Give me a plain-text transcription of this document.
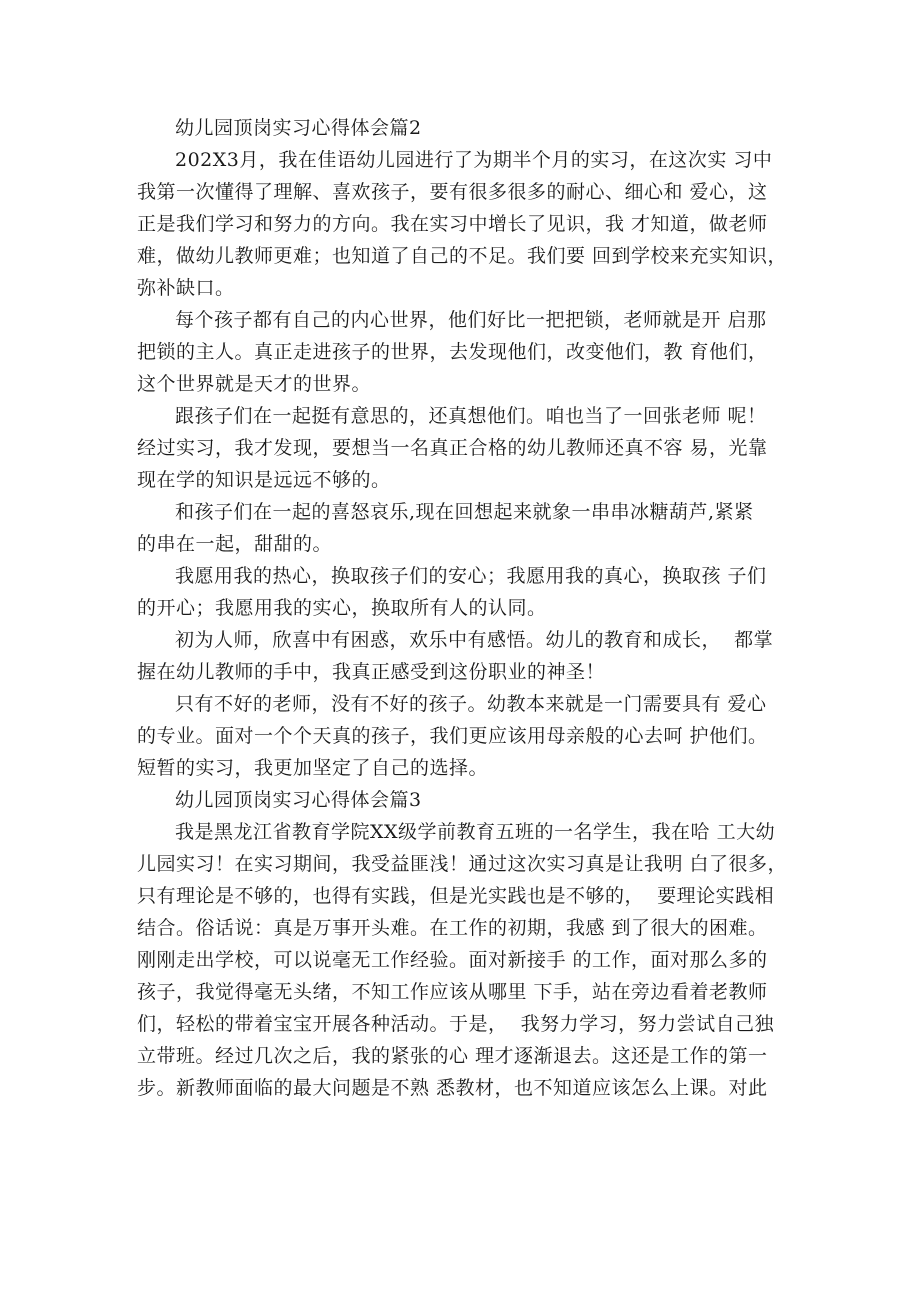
幼儿园顶岗实习心得体会篇2
202X3月，我在佳语幼儿园进行了为期半个月的实习，在这次实 习中
我第一次懂得了理解、喜欢孩子，要有很多很多的耐心、细心和 爱心，这
正是我们学习和努力的方向。我在实习中增长了见识，我 才知道，做老师
难，做幼儿教师更难；也知道了自己的不足。我们要 回到学校来充实知识，
弥补缺口。
每个孩子都有自己的内心世界，他们好比一把把锁，老师就是开 启那
把锁的主人。真正走进孩子的世界，去发现他们，改变他们，教 育他们，
这个世界就是天才的世界。
跟孩子们在一起挺有意思的，还真想他们。咱也当了一回张老师 呢！
经过实习，我才发现，要想当一名真正合格的幼儿教师还真不容 易，光靠
现在学的知识是远远不够的。
和孩子们在一起的喜怒哀乐,现在回想起来就象一串串冰糖葫芦,紧紧
的串在一起，甜甜的。
我愿用我的热心，换取孩子们的安心；我愿用我的真心，换取孩 子们
的开心；我愿用我的实心，换取所有人的认同。
初为人师，欣喜中有困惑，欢乐中有感悟。幼儿的教育和成长，  都掌
握在幼儿教师的手中，我真正感受到这份职业的神圣！
只有不好的老师，没有不好的孩子。幼教本来就是一门需要具有 爱心
的专业。面对一个个天真的孩子，我们更应该用母亲般的心去呵 护他们。
短暂的实习，我更加坚定了自己的选择。
幼儿园顶岗实习心得体会篇3
我是黑龙江省教育学院XX级学前教育五班的一名学生，我在哈 工大幼
儿园实习！在实习期间，我受益匪浅！通过这次实习真是让我明 白了很多，
只有理论是不够的，也得有实践，但是光实践也是不够的，  要理论实践相
结合。俗话说：真是万事开头难。在工作的初期，我感 到了很大的困难。
刚刚走出学校，可以说毫无工作经验。面对新接手 的工作，面对那么多的
孩子，我觉得毫无头绪，不知工作应该从哪里 下手，站在旁边看着老教师
们，轻松的带着宝宝开展各种活动。于是，  我努力学习，努力尝试自己独
立带班。经过几次之后，我的紧张的心 理才逐渐退去。这还是工作的第一
步。新教师面临的最大问题是不熟 悉教材，也不知道应该怎么上课。对此
